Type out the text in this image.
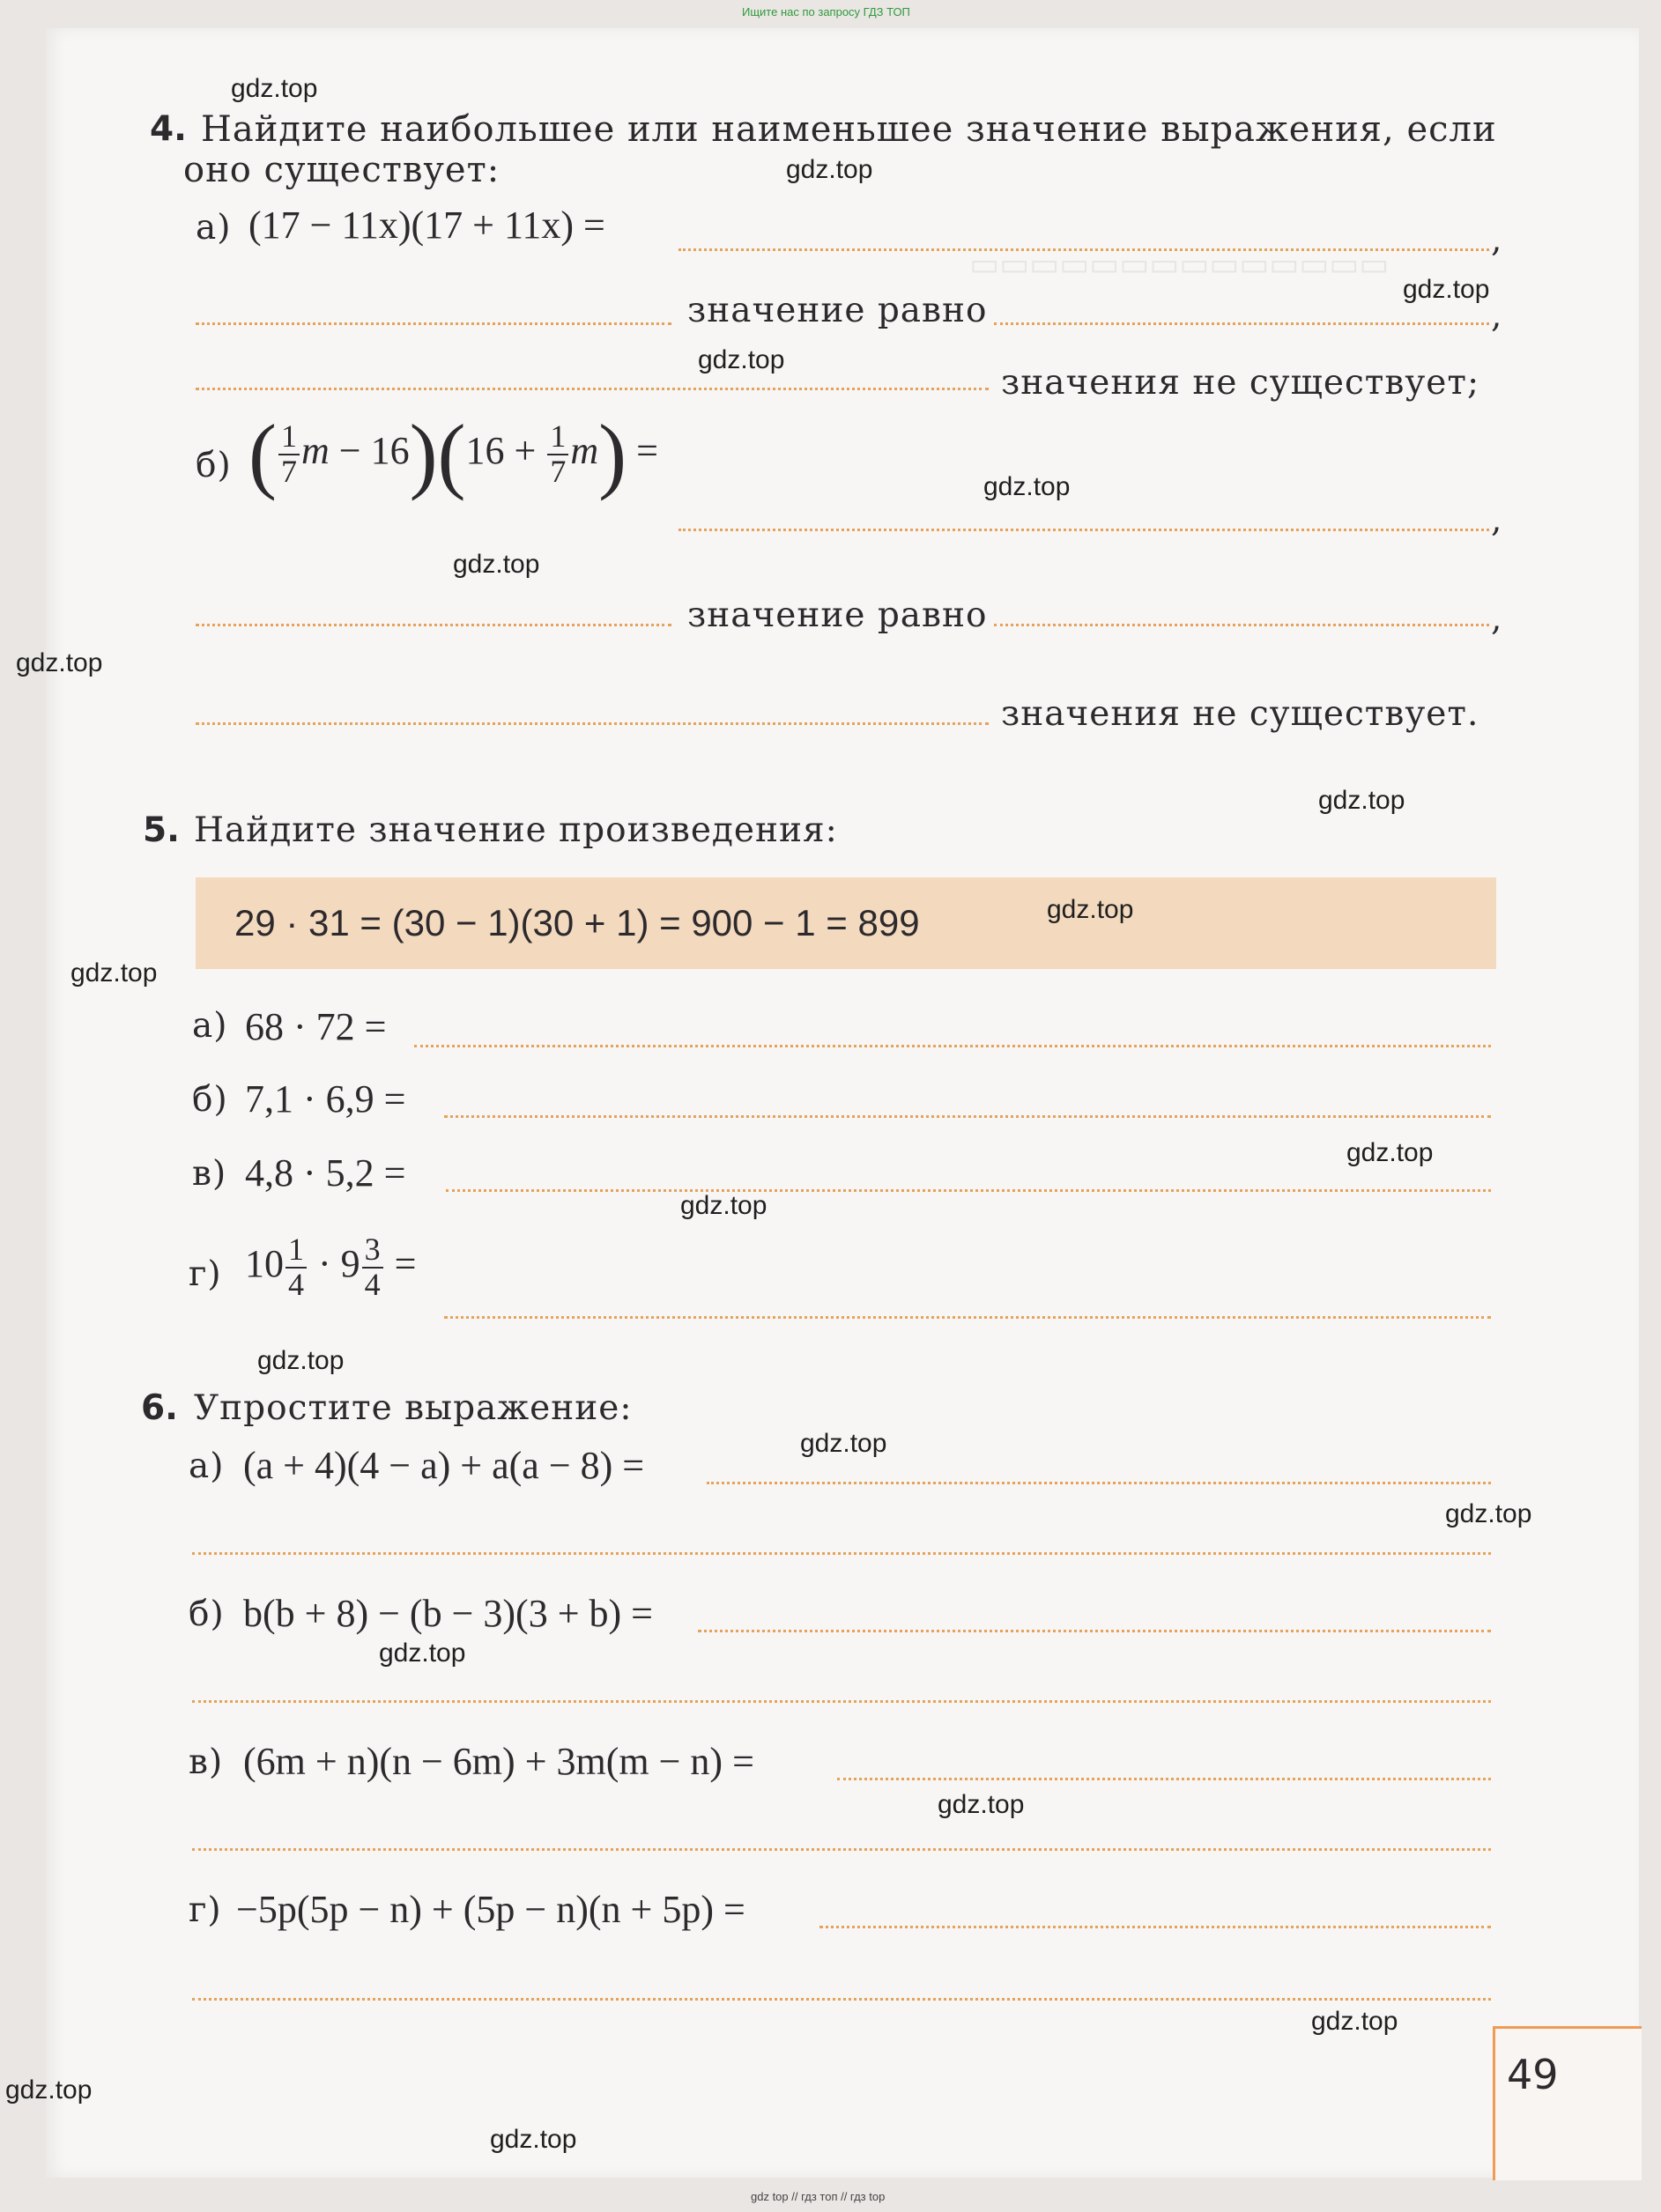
Ищите нас по запросу ГДЗ ТОП
▭▭▭▭▭▭▭▭▭▭▭▭▭▭
4. Найдите наибольшее или наименьшее значение выражения, если
оно существует:
а) (17 − 11x)(17 + 11x) =	,
значение равно	,
значения не существует;
б) ( $\frac{1}{7}$ $m - 16)(16 + \frac{1}{7} m)$ =
,
значение равно	,
значения не существует.
5. Найдите значение произведения:
29 · 31 = (30 − 1)(30 + 1) = 900 − 1 = 899
а) 68 · 72 =
б) 7,1 · 6,9 =
в) 4,8 · 5,2 =
г) $10 \frac{1}{4} \cdot 9 \frac{3}{4}$ =
6. Упростите выражение:
а) (a + 4)(4 − a) + a(a − 8) =
б) b(b + 8) − (b − 3)(3 + b) =
в) (6m + n)(n − 6m) + 3m(m − n) =
г) −5p(5p − n) + (5p − n)(n + 5p) =
49
gdz.top
gdz.top
gdz.top
gdz.top
gdz.top
gdz.top
gdz.top
gdz.top
gdz.top
gdz.top
gdz.top
gdz.top
gdz.top
gdz.top
gdz.top
gdz.top
gdz.top
gdz.top
gdz.top
gdz.top
gdz top // гдз топ // гдз top
